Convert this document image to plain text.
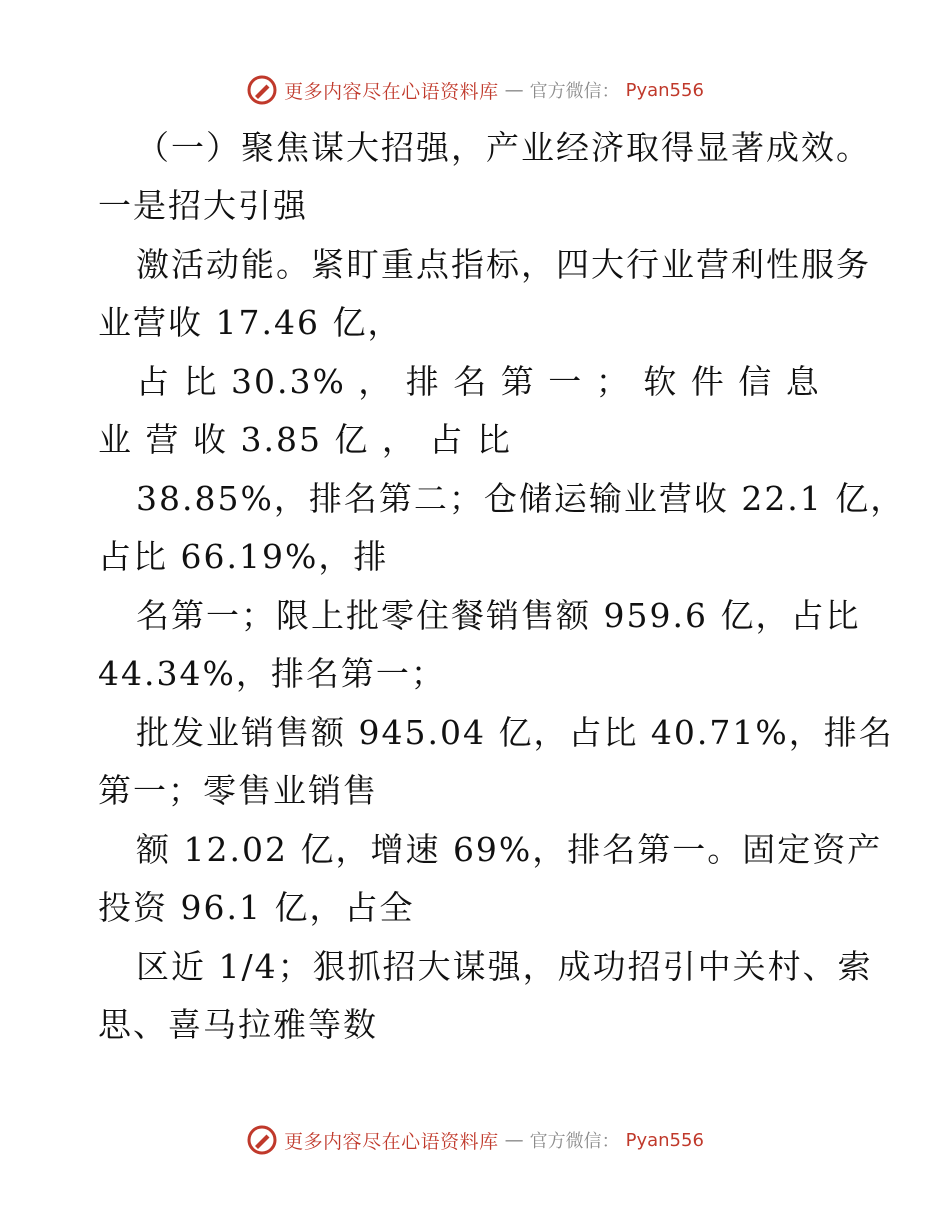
更多内容尽在心语资料库 — 官方微信： Pyan556
（一）聚焦谋大招强，产业经济取得显著成效。
一是招大引强
激活动能。紧盯重点指标，四大行业营利性服务
业营收 17.46 亿，
占 比 30.3% ， 排 名 第 一 ； 软 件 信 息
业 营 收 3.85 亿 ， 占 比
38.85%，排名第二；仓储运输业营收 22.1 亿，
占比 66.19%，排
名第一；限上批零住餐销售额 959.6 亿，占比
44.34%，排名第一；
批发业销售额 945.04 亿，占比 40.71%，排名
第一；零售业销售
额 12.02 亿，增速 69%，排名第一。固定资产
投资 96.1 亿，占全
区近 1/4；狠抓招大谋强，成功招引中关村、索
思、喜马拉雅等数
更多内容尽在心语资料库 — 官方微信： Pyan556
